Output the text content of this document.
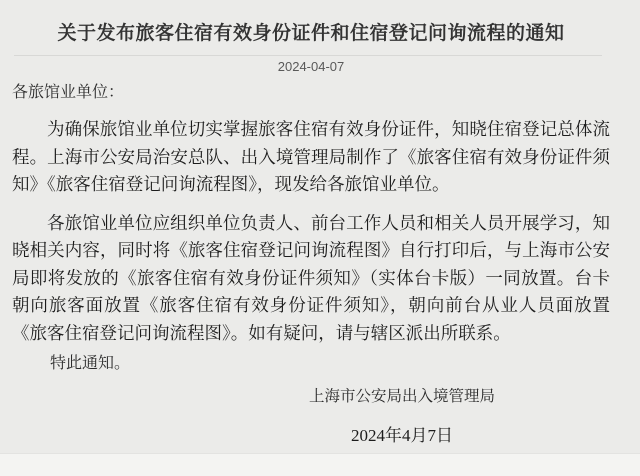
关于发布旅客住宿有效身份证件和住宿登记问询流程的通知
2024-04-07
各旅馆业单位：

为确保旅馆业单位切实掌握旅客住宿有效身份证件，知晓住宿登记总体流程。上海市公安局治安总队、出入境管理局制作了《旅客住宿有效身份证件须知》《旅客住宿登记问询流程图》，现发给各旅馆业单位。

各旅馆业单位应组织单位负责人、前台工作人员和相关人员开展学习，知晓相关内容，同时将《旅客住宿登记问询流程图》自行打印后，与上海市公安局即将发放的《旅客住宿有效身份证件须知》（实体台卡版）一同放置。台卡朝向旅客面放置《旅客住宿有效身份证件须知》，朝向前台从业人员面放置《旅客住宿登记问询流程图》。如有疑问，请与辖区派出所联系。

特此通知。
上海市公安局出入境管理局
2024年4月7日
